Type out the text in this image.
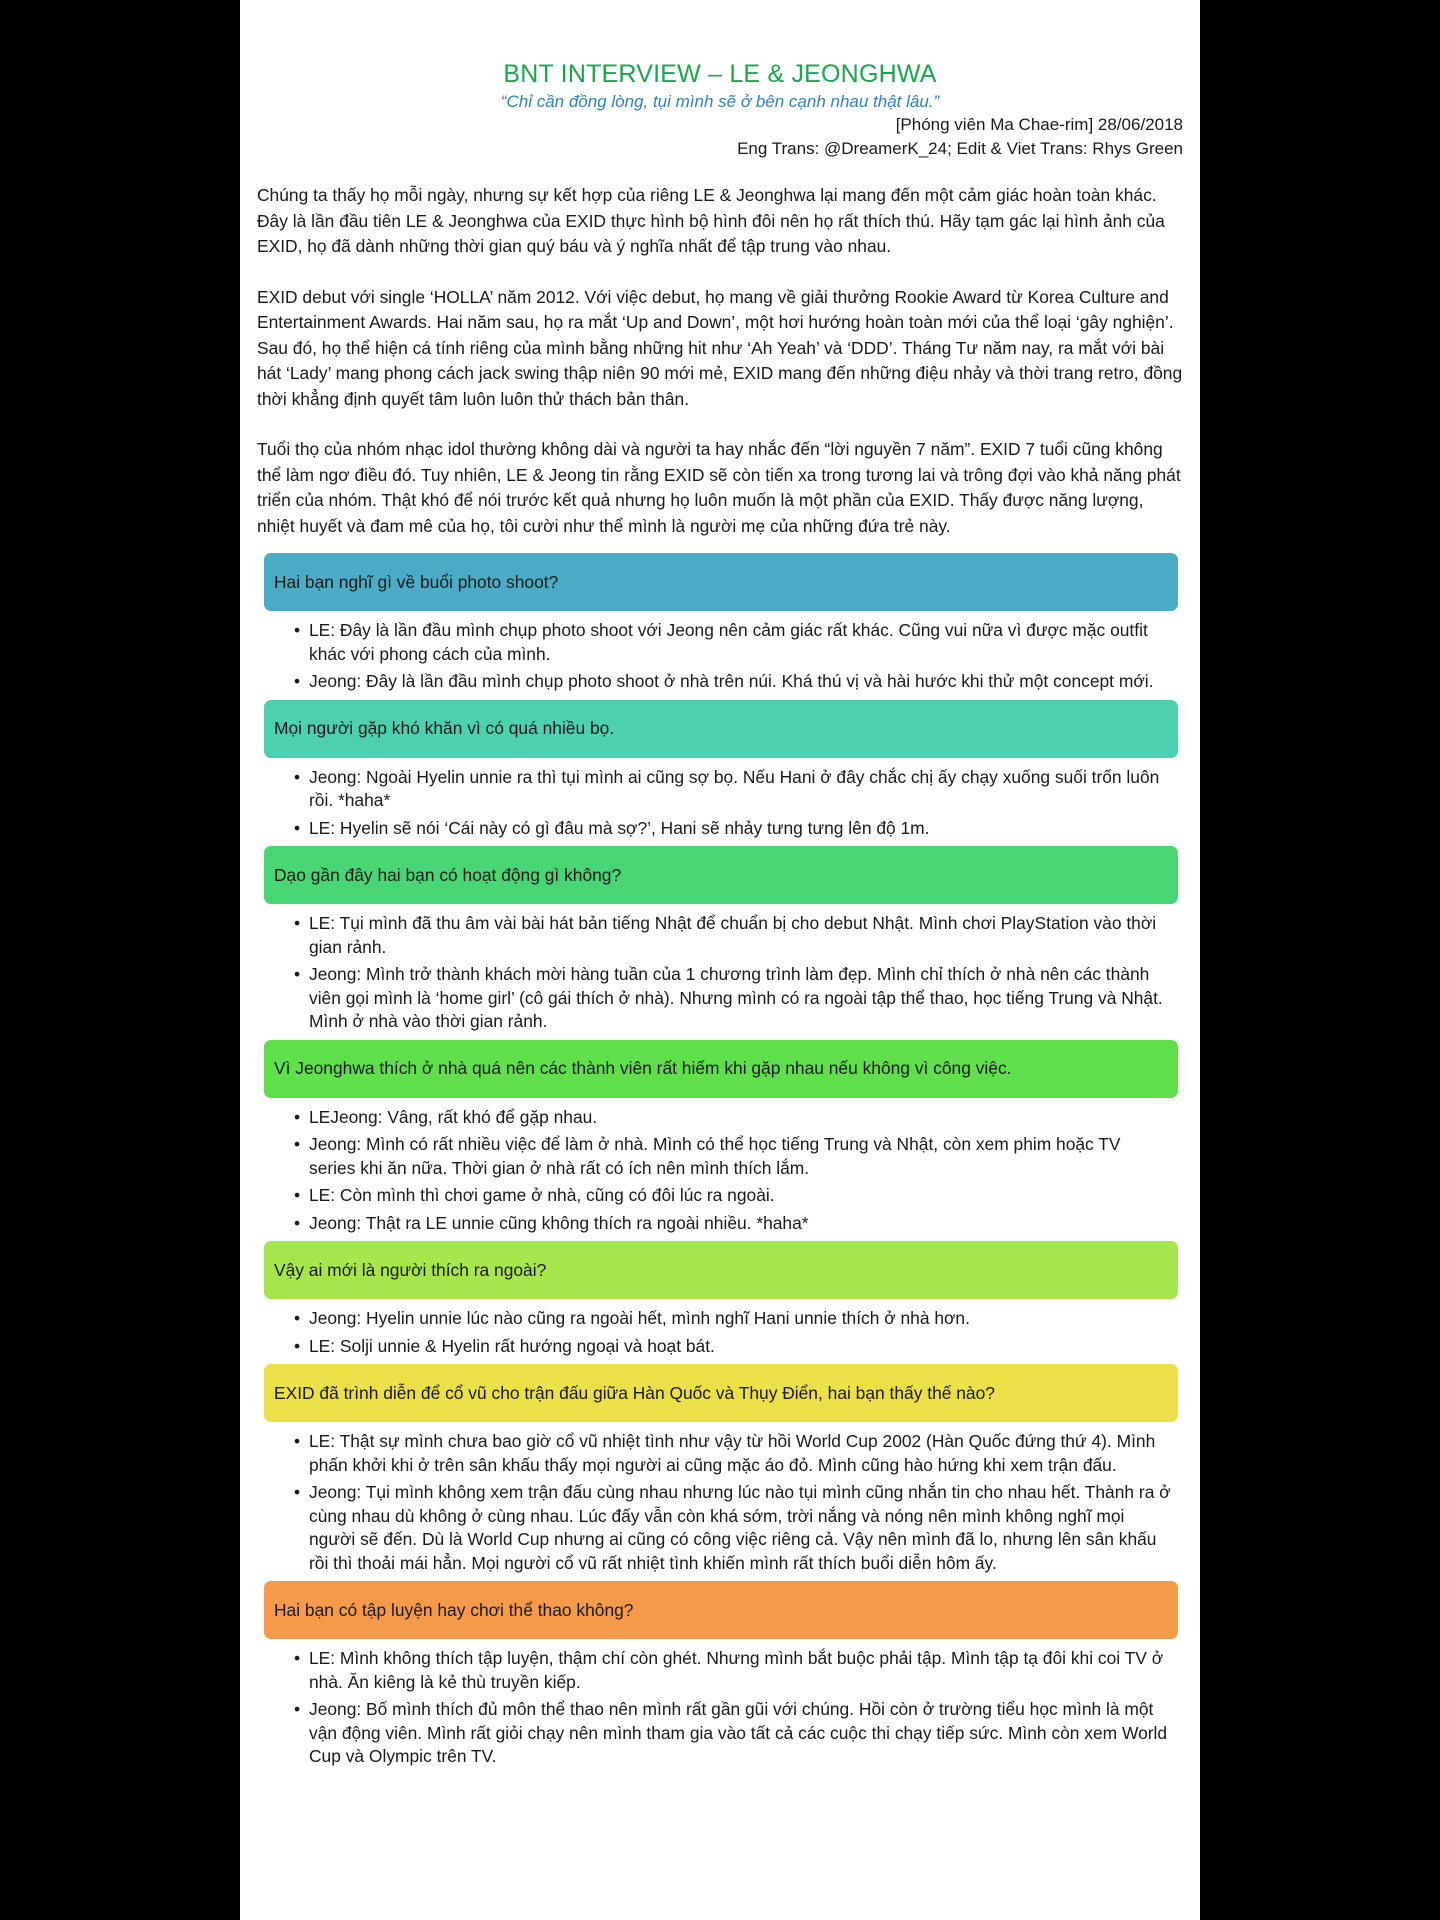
BNT INTERVIEW – LE & JEONGHWA
“Chỉ cần đồng lòng, tụi mình sẽ ở bên cạnh nhau thật lâu.”
[Phóng viên Ma Chae-rim] 28/06/2018
Eng Trans: @DreamerK_24; Edit & Viet Trans: Rhys Green

Chúng ta thấy họ mỗi ngày, nhưng sự kết hợp của riêng LE & Jeonghwa lại mang đến một cảm giác hoàn toàn khác. Đây là lần đầu tiên LE & Jeonghwa của EXID thực hình bộ hình đôi nên họ rất thích thú. Hãy tạm gác lại hình ảnh của EXID, họ đã dành những thời gian quý báu và ý nghĩa nhất để tập trung vào nhau.

EXID debut với single ‘HOLLA’ năm 2012. Với việc debut, họ mang về giải thưởng Rookie Award từ Korea Culture and Entertainment Awards. Hai năm sau, họ ra mắt ‘Up and Down’, một hơi hướng hoàn toàn mới của thể loại ‘gây nghiện’. Sau đó, họ thể hiện cá tính riêng của mình bằng những hit như ‘Ah Yeah’ và ‘DDD’. Tháng Tư năm nay, ra mắt với bài hát ‘Lady’ mang phong cách jack swing thập niên 90 mới mẻ, EXID mang đến những điệu nhảy và thời trang retro, đồng thời khẳng định quyết tâm luôn luôn thử thách bản thân.

Tuổi thọ của nhóm nhạc idol thường không dài và người ta hay nhắc đến “lời nguyền 7 năm”. EXID 7 tuổi cũng không thể làm ngơ điều đó. Tuy nhiên, LE & Jeong tin rằng EXID sẽ còn tiến xa trong tương lai và trông đợi vào khả năng phát triển của nhóm. Thật khó để nói trước kết quả nhưng họ luôn muốn là một phần của EXID. Thấy được năng lượng, nhiệt huyết và đam mê của họ, tôi cười như thể mình là người mẹ của những đứa trẻ này.

Hai bạn nghĩ gì về buổi photo shoot?
• LE: Đây là lần đầu mình chụp photo shoot với Jeong nên cảm giác rất khác. Cũng vui nữa vì được mặc outfit khác với phong cách của mình.
• Jeong: Đây là lần đầu mình chụp photo shoot ở nhà trên núi. Khá thú vị và hài hước khi thử một concept mới.
Mọi người gặp khó khăn vì có quá nhiều bọ.
• Jeong: Ngoài Hyelin unnie ra thì tụi mình ai cũng sợ bọ. Nếu Hani ở đây chắc chị ấy chạy xuống suối trốn luôn rồi. *haha*
• LE: Hyelin sẽ nói ‘Cái này có gì đâu mà sợ?’, Hani sẽ nhảy tưng tưng lên độ 1m.
Dạo gần đây hai bạn có hoạt động gì không?
• LE: Tụi mình đã thu âm vài bài hát bản tiếng Nhật để chuẩn bị cho debut Nhật. Mình chơi PlayStation vào thời gian rảnh.
• Jeong: Mình trở thành khách mời hàng tuần của 1 chương trình làm đẹp. Mình chỉ thích ở nhà nên các thành viên gọi mình là ‘home girl’ (cô gái thích ở nhà). Nhưng mình có ra ngoài tập thể thao, học tiếng Trung và Nhật. Mình ở nhà vào thời gian rảnh.
Vì Jeonghwa thích ở nhà quá nên các thành viên rất hiếm khi gặp nhau nếu không vì công việc.
• LEJeong: Vâng, rất khó để gặp nhau.
• Jeong: Mình có rất nhiều việc để làm ở nhà. Mình có thể học tiếng Trung và Nhật, còn xem phim hoặc TV series khi ăn nữa. Thời gian ở nhà rất có ích nên mình thích lắm.
• LE: Còn mình thì chơi game ở nhà, cũng có đôi lúc ra ngoài.
• Jeong: Thật ra LE unnie cũng không thích ra ngoài nhiều. *haha*
Vậy ai mới là người thích ra ngoài?
• Jeong: Hyelin unnie lúc nào cũng ra ngoài hết, mình nghĩ Hani unnie thích ở nhà hơn.
• LE: Solji unnie & Hyelin rất hướng ngoại và hoạt bát.
EXID đã trình diễn để cổ vũ cho trận đấu giữa Hàn Quốc và Thụy Điển, hai bạn thấy thế nào?
• LE: Thật sự mình chưa bao giờ cổ vũ nhiệt tình như vậy từ hồi World Cup 2002 (Hàn Quốc đứng thứ 4). Mình phấn khởi khi ở trên sân khấu thấy mọi người ai cũng mặc áo đỏ. Mình cũng hào hứng khi xem trận đấu.
• Jeong: Tụi mình không xem trận đấu cùng nhau nhưng lúc nào tụi mình cũng nhắn tin cho nhau hết. Thành ra ở cùng nhau dù không ở cùng nhau. Lúc đấy vẫn còn khá sớm, trời nắng và nóng nên mình không nghĩ mọi người sẽ đến. Dù là World Cup nhưng ai cũng có công việc riêng cả. Vậy nên mình đã lo, nhưng lên sân khấu rồi thì thoải mái hẳn. Mọi người cổ vũ rất nhiệt tình khiến mình rất thích buổi diễn hôm ấy.
Hai bạn có tập luyện hay chơi thể thao không?
• LE: Mình không thích tập luyện, thậm chí còn ghét. Nhưng mình bắt buộc phải tập. Mình tập tạ đôi khi coi TV ở nhà. Ăn kiêng là kẻ thù truyền kiếp.
• Jeong: Bố mình thích đủ môn thể thao nên mình rất gần gũi với chúng. Hồi còn ở trường tiểu học mình là một vận động viên. Mình rất giỏi chạy nên mình tham gia vào tất cả các cuộc thi chạy tiếp sức. Mình còn xem World Cup và Olympic trên TV.
